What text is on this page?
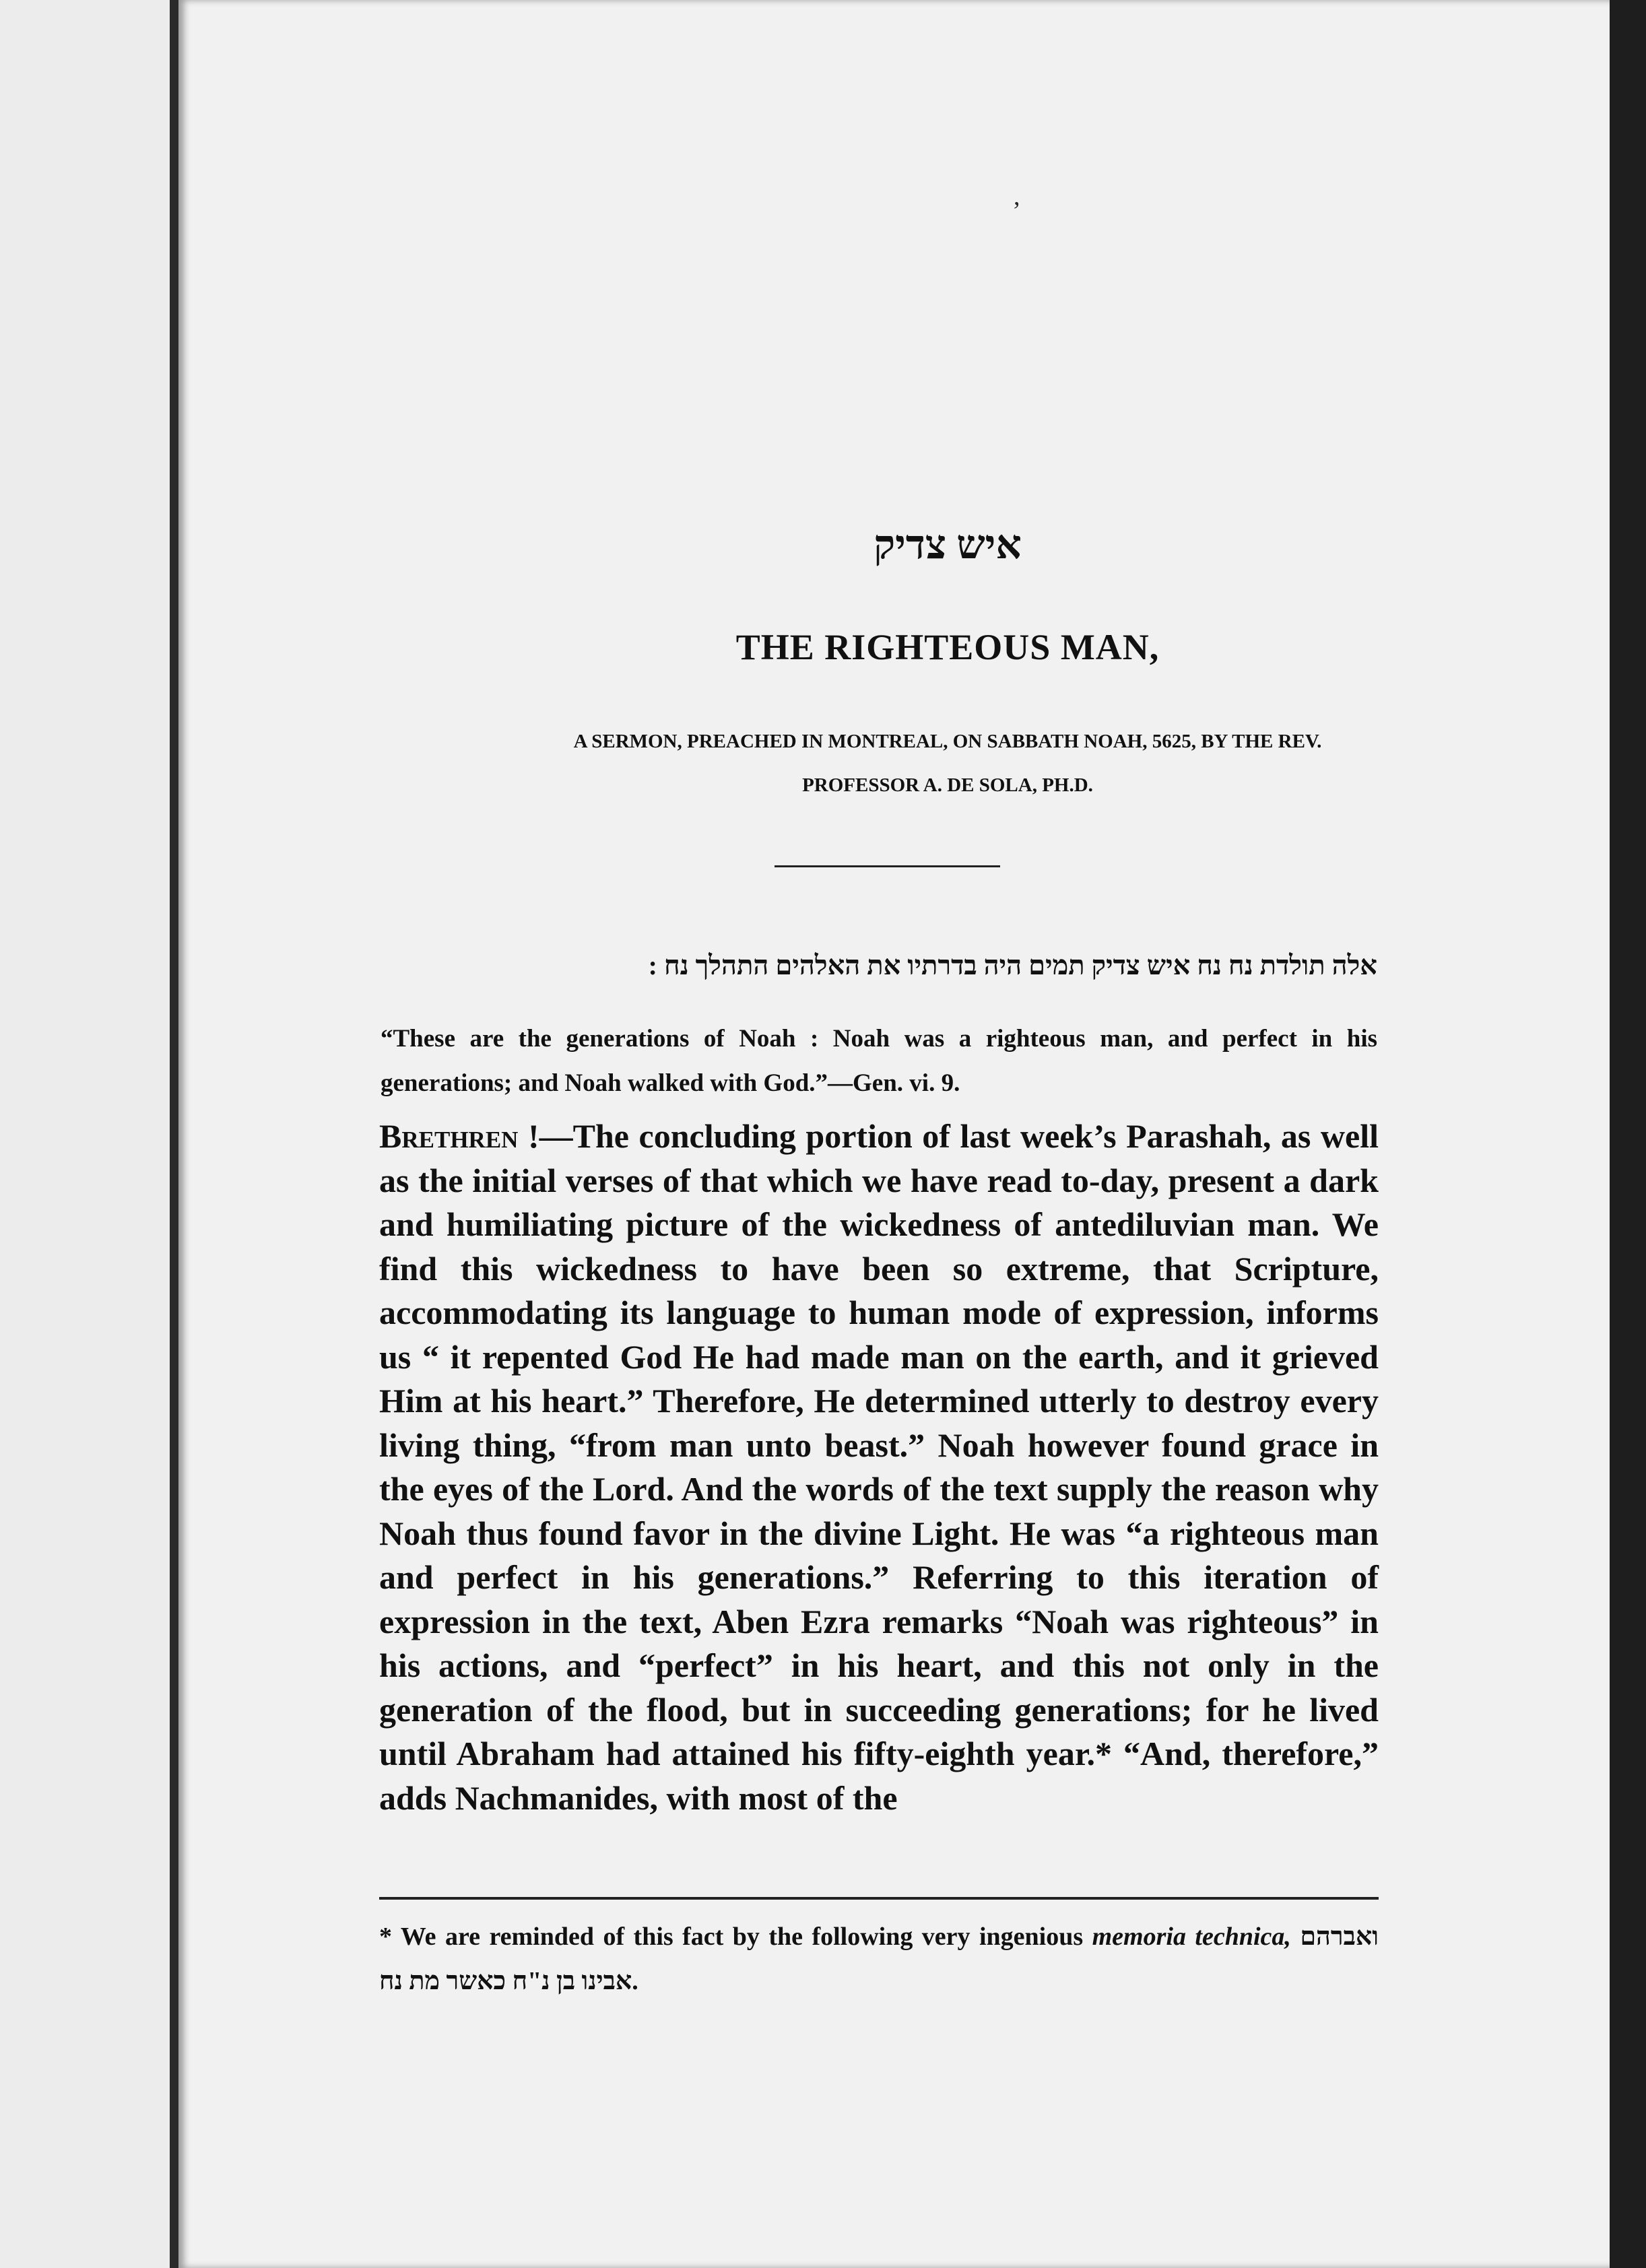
,
איש צדיק
THE RIGHTEOUS MAN,
A SERMON, PREACHED IN MONTREAL, ON SABBATH NOAH, 5625, BY THE REV.
PROFESSOR A. DE SOLA, PH.D.
אלה תולדת נח נח איש צדיק תמים היה בדרתיו את האלהים התהלך נח :
“These are the generations of Noah : Noah was a righteous man, and perfect in his generations; and Noah walked with God.”—Gen. vi. 9.
Brethren !—The concluding portion of last week’s Parashah, as well as the initial verses of that which we have read to-day, present a dark and humiliating picture of the wickedness of antediluvian man. We find this wickedness to have been so extreme, that Scripture, accommodating its language to human mode of expression, informs us “ it repented God He had made man on the earth, and it grieved Him at his heart.” Therefore, He determined utterly to destroy every living thing, “from man unto beast.” Noah however found grace in the eyes of the Lord. And the words of the text supply the reason why Noah thus found favor in the divine Light. He was “a righteous man and perfect in his generations.” Referring to this iteration of expression in the text, Aben Ezra remarks “Noah was righteous” in his actions, and “perfect” in his heart, and this not only in the generation of the flood, but in succeeding generations; for he lived until Abraham had attained his fifty-eighth year.* “And, therefore,” adds Nachmanides, with most of the
* We are reminded of this fact by the following very ingenious memoria technica, ואברהם אבינו בן נ"ח כאשר מת נח.
